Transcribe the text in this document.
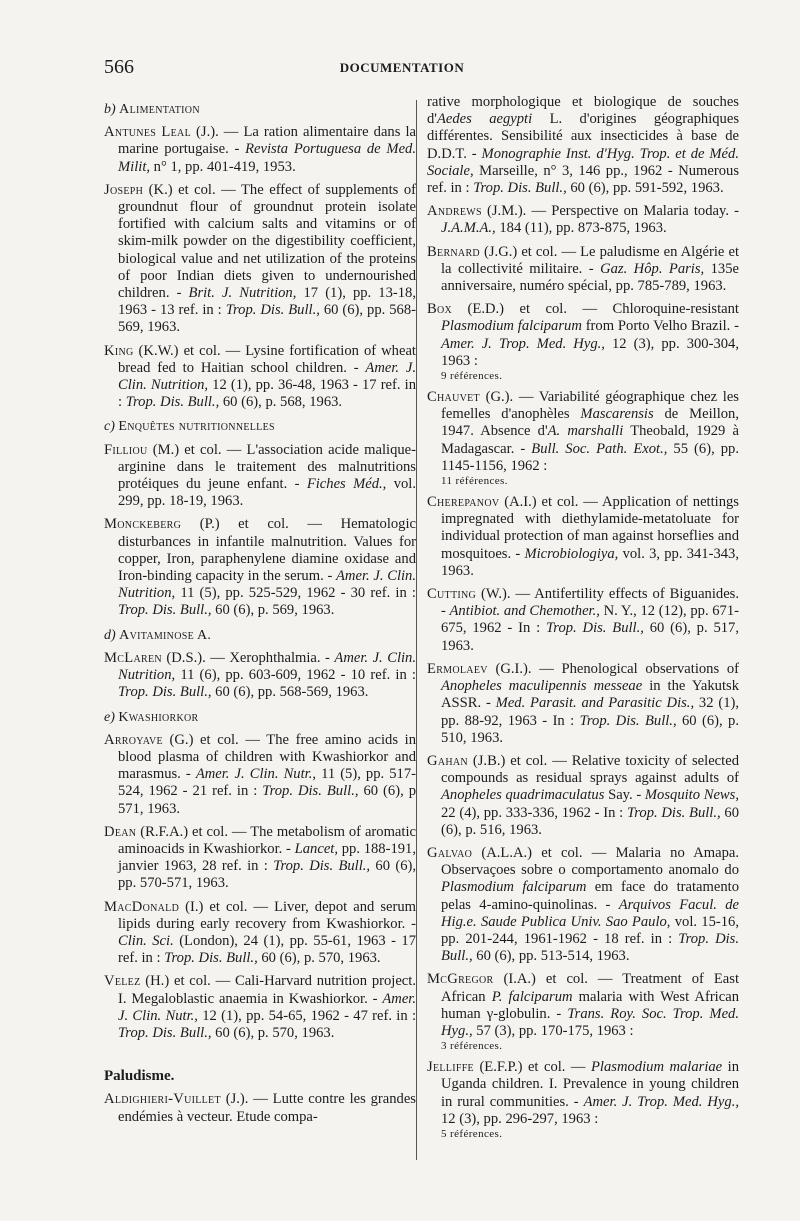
566	DOCUMENTATION
b) Alimentation

Antunes Leal (J.). — La ration alimentaire dans la marine portugaise. - Revista Portuguesa de Med. Milit, n° 1, pp. 401-419, 1953.

Joseph (K.) et col. — The effect of supplements of groundnut flour of groundnut protein isolate fortified with calcium salts and vitamins or of skim-milk powder on the digestibility coefficient, biological value and net utilization of the proteins of poor Indian diets given to undernourished children. - Brit. J. Nutrition, 17 (1), pp. 13-18, 1963 - 13 ref. in : Trop. Dis. Bull., 60 (6), pp. 568-569, 1963.

King (K.W.) et col. — Lysine fortification of wheat bread fed to Haitian school children. - Amer. J. Clin. Nutrition, 12 (1), pp. 36-48, 1963 - 17 ref. in : Trop. Dis. Bull., 60 (6), p. 568, 1963.

c) Enquêtes nutritionnelles

Filliou (M.) et col. — L'association acide malique-arginine dans le traitement des malnutritions protéiques du jeune enfant. - Fiches Méd., vol. 299, pp. 18-19, 1963.

Monckeberg (P.) et col. — Hematologic disturbances in infantile malnutrition. Values for copper, Iron, paraphenylene diamine oxidase and Iron-binding capacity in the serum. - Amer. J. Clin. Nutrition, 11 (5), pp. 525-529, 1962 - 30 ref. in : Trop. Dis. Bull., 60 (6), p. 569, 1963.

d) Avitaminose A.

McLaren (D.S.). — Xerophthalmia. - Amer. J. Clin. Nutrition, 11 (6), pp. 603-609, 1962 - 10 ref. in : Trop. Dis. Bull., 60 (6), pp. 568-569, 1963.

e) Kwashiorkor

Arroyave (G.) et col. — The free amino acids in blood plasma of children with Kwashiorkor and marasmus. - Amer. J. Clin. Nutr., 11 (5), pp. 517-524, 1962 - 21 ref. in : Trop. Dis. Bull., 60 (6), p 571, 1963.

Dean (R.F.A.) et col. — The metabolism of aromatic aminoacids in Kwashiorkor. - Lancet, pp. 188-191, janvier 1963, 28 ref. in : Trop. Dis. Bull., 60 (6), pp. 570-571, 1963.

MacDonald (I.) et col. — Liver, depot and serum lipids during early recovery from Kwashiorkor. - Clin. Sci. (London), 24 (1), pp. 55-61, 1963 - 17 ref. in : Trop. Dis. Bull., 60 (6), p. 570, 1963.

Velez (H.) et col. — Cali-Harvard nutrition project. I. Megaloblastic anaemia in Kwashiorkor. - Amer. J. Clin. Nutr., 12 (1), pp. 54-65, 1962 - 47 ref. in : Trop. Dis. Bull., 60 (6), p. 570, 1963.

Paludisme.

Aldighieri-Vuillet (J.). — Lutte contre les grandes endémies à vecteur. Etude compa-

rative morphologique et biologique de souches d'Aedes aegypti L. d'origines géographiques différentes. Sensibilité aux insecticides à base de D.D.T. - Monographie Inst. d'Hyg. Trop. et de Méd. Sociale, Marseille, n° 3, 146 pp., 1962 - Numerous ref. in : Trop. Dis. Bull., 60 (6), pp. 591-592, 1963.

Andrews (J.M.). — Perspective on Malaria today. - J.A.M.A., 184 (11), pp. 873-875, 1963.

Bernard (J.G.) et col. — Le paludisme en Algérie et la collectivité militaire. - Gaz. Hôp. Paris, 135e anniversaire, numéro spécial, pp. 785-789, 1963.

Box (E.D.) et col. — Chloroquine-resistant Plasmodium falciparum from Porto Velho Brazil. - Amer. J. Trop. Med. Hyg., 12 (3), pp. 300-304, 1963 :
9 références.

Chauvet (G.). — Variabilité géographique chez les femelles d'anophèles Mascarensis de Meillon, 1947. Absence d'A. marshalli Theobald, 1929 à Madagascar. - Bull. Soc. Path. Exot., 55 (6), pp. 1145-1156, 1962 :
11 références.

Cherepanov (A.I.) et col. — Application of nettings impregnated with diethylamide-metatoluate for individual protection of man against horseflies and mosquitoes. - Microbiologiya, vol. 3, pp. 341-343, 1963.

Cutting (W.). — Antifertility effects of Biguanides. - Antibiot. and Chemother., N. Y., 12 (12), pp. 671-675, 1962 - In : Trop. Dis. Bull., 60 (6), p. 517, 1963.

Ermolaev (G.I.). — Phenological observations of Anopheles maculipennis messeae in the Yakutsk ASSR. - Med. Parasit. and Parasitic Dis., 32 (1), pp. 88-92, 1963 - In : Trop. Dis. Bull., 60 (6), p. 510, 1963.

Gahan (J.B.) et col. — Relative toxicity of selected compounds as residual sprays against adults of Anopheles quadrimaculatus Say. - Mosquito News, 22 (4), pp. 333-336, 1962 - In : Trop. Dis. Bull., 60 (6), p. 516, 1963.

Galvao (A.L.A.) et col. — Malaria no Amapa. Observaçoes sobre o comportamento anomalo do Plasmodium falciparum em face do tratamento pelas 4-amino-quinolinas. - Arquivos Facul. de Hig.e. Saude Publica Univ. Sao Paulo, vol. 15-16, pp. 201-244, 1961-1962 - 18 ref. in : Trop. Dis. Bull., 60 (6), pp. 513-514, 1963.

McGregor (I.A.) et col. — Treatment of East African P. falciparum malaria with West African human γ-globulin. - Trans. Roy. Soc. Trop. Med. Hyg., 57 (3), pp. 170-175, 1963 :
3 références.

Jelliffe (E.F.P.) et col. — Plasmodium malariae in Uganda children. I. Prevalence in young children in rural communities. - Amer. J. Trop. Med. Hyg., 12 (3), pp. 296-297, 1963 :
5 références.
